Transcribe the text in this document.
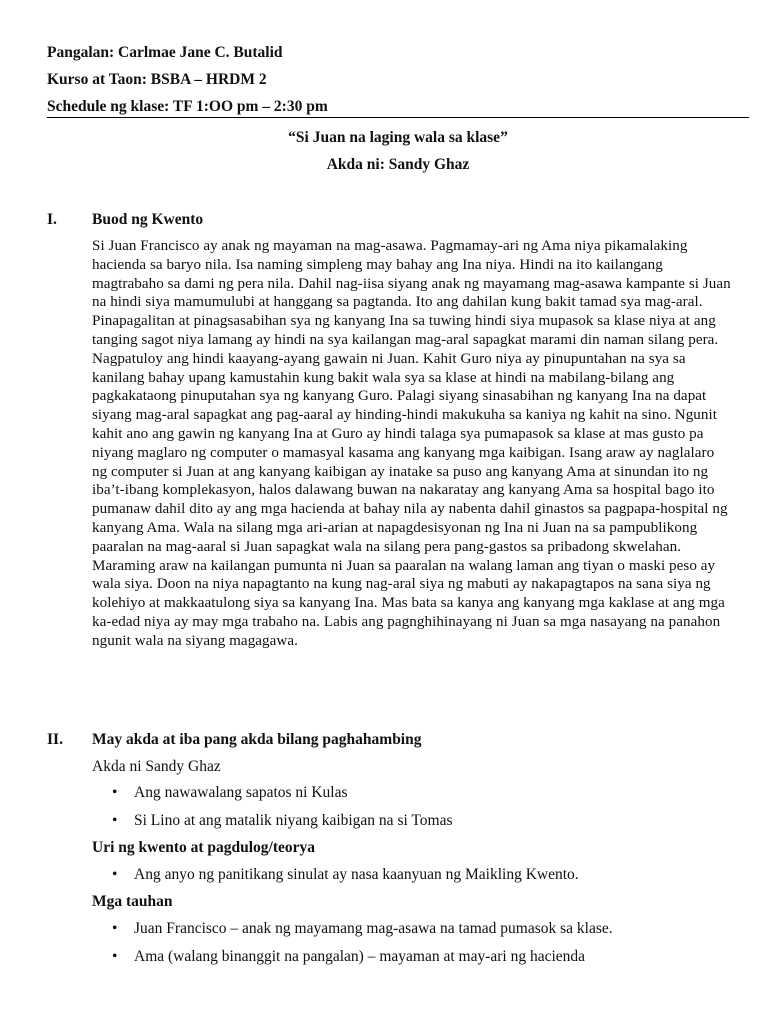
Pangalan: Carlmae Jane C. Butalid
Kurso at Taon: BSBA – HRDM 2
Schedule ng klase: TF 1:OO pm – 2:30 pm
“Si Juan na laging wala sa klase”
Akda ni: Sandy Ghaz
I. Buod ng Kwento

Si Juan Francisco ay anak ng mayaman na mag-asawa. Pagmamay-ari ng Ama niya pikamalaking hacienda sa baryo nila. Isa naming simpleng may bahay ang Ina niya. Hindi na ito kailangang magtrabaho sa dami ng pera nila. Dahil nag-iisa siyang anak ng mayamang mag-asawa kampante si Juan na hindi siya mamumulubi at hanggang sa pagtanda. Ito ang dahilan kung bakit tamad sya mag-aral. Pinapagalitan at pinagsasabihan sya ng kanyang Ina sa tuwing hindi siya mupasok sa klase niya at ang tanging sagot niya lamang ay hindi na sya kailangan mag-aral sapagkat marami din naman silang pera. Nagpatuloy ang hindi kaayang-ayang gawain ni Juan. Kahit Guro niya ay pinupuntahan na sya sa kanilang bahay upang kamustahin kung bakit wala sya sa klase at hindi na mabilang-bilang ang pagkakataong pinuputahan sya ng kanyang Guro. Palagi siyang sinasabihan ng kanyang Ina na dapat siyang mag-aral sapagkat ang pag-aaral ay hinding-hindi makukuha sa kaniya ng kahit na sino. Ngunit kahit ano ang gawin ng kanyang Ina at Guro ay hindi talaga sya pumapasok sa klase at mas gusto pa niyang maglaro ng computer o mamasyal kasama ang kanyang mga kaibigan. Isang araw ay naglalaro ng computer si Juan at ang kanyang kaibigan ay inatake sa puso ang kanyang Ama at sinundan ito ng iba’t-ibang komplekasyon, halos dalawang buwan na nakaratay ang kanyang Ama sa hospital bago ito pumanaw dahil dito ay ang mga hacienda at bahay nila ay nabenta dahil ginastos sa pagpapa-hospital ng kanyang Ama. Wala na silang mga ari-arian at napagdesisyonan ng Ina ni Juan na sa pampublikong paaralan na mag-aaral si Juan sapagkat wala na silang pera pang-gastos sa pribadong skwelahan. Maraming araw na kailangan pumunta ni Juan sa paaralan na walang laman ang tiyan o maski peso ay wala siya. Doon na niya napagtanto na kung nag-aral siya ng mabuti ay nakapagtapos na sana siya ng kolehiyo at makkaatulong siya sa kanyang Ina. Mas bata sa kanya ang kanyang mga kaklase at ang mga ka-edad niya ay may mga trabaho na. Labis ang pagnghihinayang ni Juan sa mga nasayang na panahon ngunit wala na siyang magagawa.

II. May akda at iba pang akda bilang paghahambing
Akda ni Sandy Ghaz
• Ang nawawalang sapatos ni Kulas
• Si Lino at ang matalik niyang kaibigan na si Tomas
Uri ng kwento at pagdulog/teorya
• Ang anyo ng panitikang sinulat ay nasa kaanyuan ng Maikling Kwento.
Mga tauhan
• Juan Francisco – anak ng mayamang mag-asawa na tamad pumasok sa klase.
• Ama (walang binanggit na pangalan) – mayaman at may-ari ng hacienda
